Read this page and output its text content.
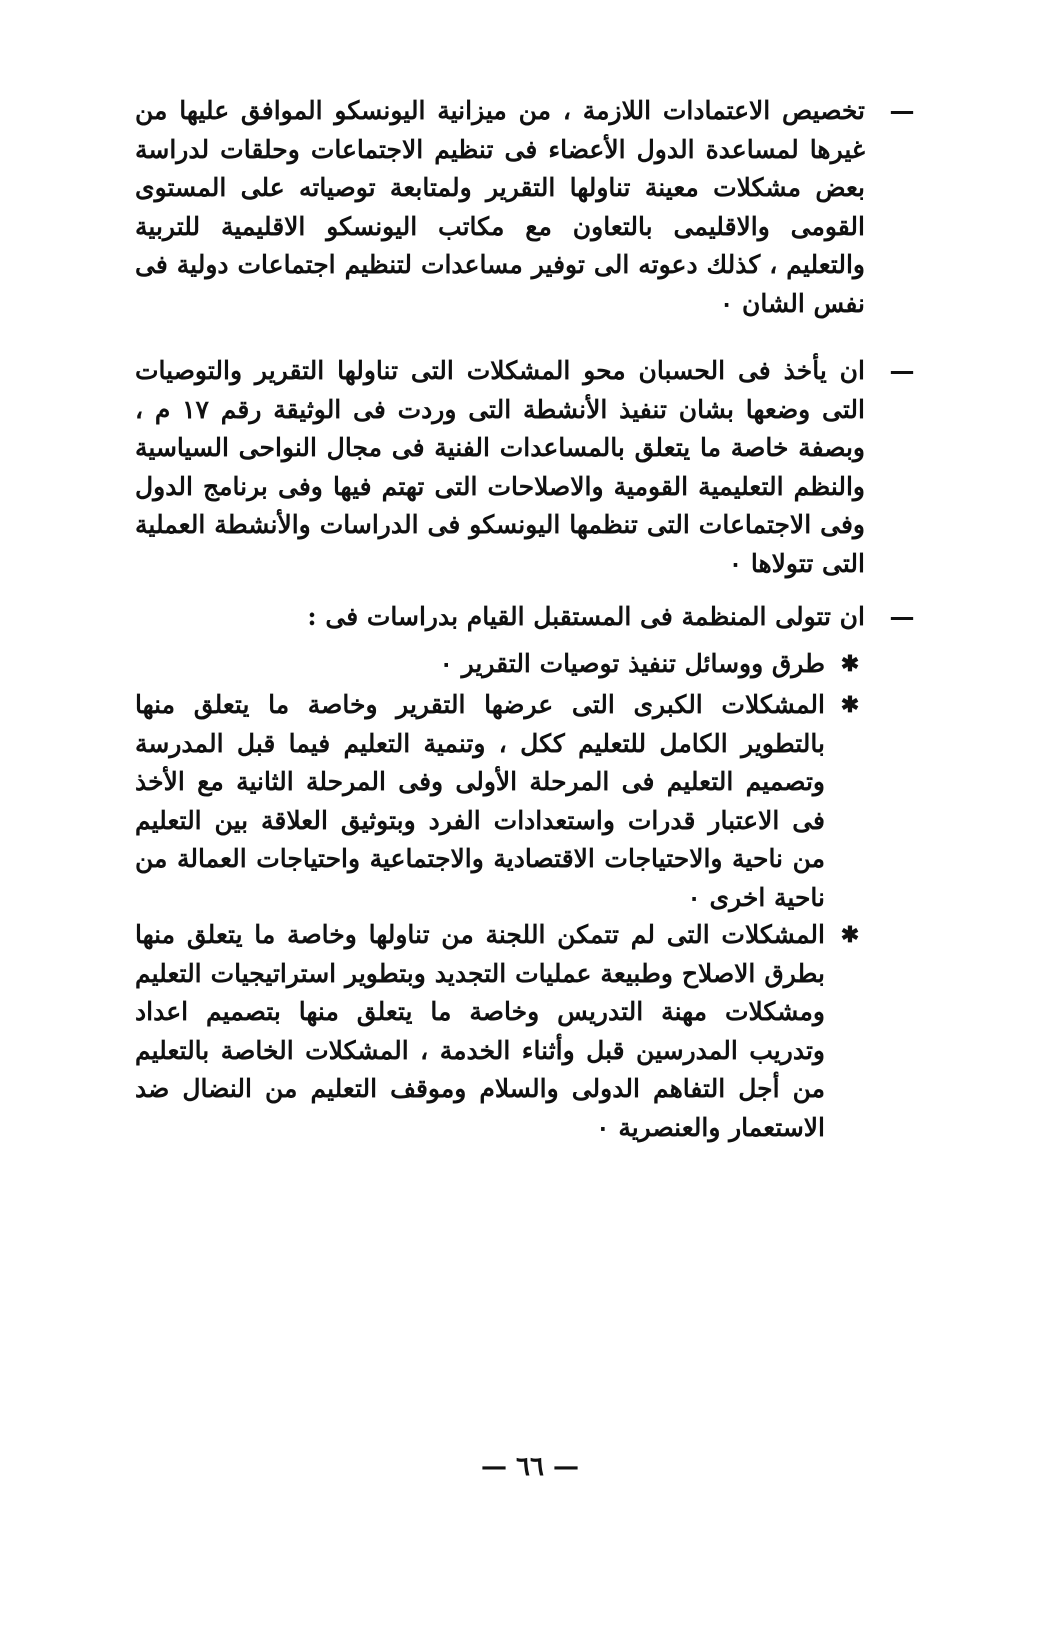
—
تخصيص الاعتمادات اللازمة ، من ميزانية اليونسكو الموافق عليها من غيرها لمساعدة الدول الأعضاء فى تنظيم الاجتماعات وحلقات لدراسة بعض مشكلات معينة تناولها التقرير ولمتابعة توصياته على المستوى القومى والاقليمى بالتعاون مع مكاتب اليونسكو الاقليمية للتربية والتعليم ، كذلك دعوته الى توفير مساعدات لتنظيم اجتماعات دولية فى نفس الشان ٠
—
ان يأخذ فى الحسبان محو المشكلات التى تناولها التقرير والتوصيات التى وضعها بشان تنفيذ الأنشطة التى وردت فى الوثيقة رقم ١٧ م ، وبصفة خاصة ما يتعلق بالمساعدات الفنية فى مجال النواحى السياسية والنظم التعليمية القومية والاصلاحات التى تهتم فيها وفى برنامج الدول وفى الاجتماعات التى تنظمها اليونسكو فى الدراسات والأنشطة العملية التى تتولاها ٠
—
ان تتولى المنظمة فى المستقبل القيام بدراسات فى :
✱
طرق ووسائل تنفيذ توصيات التقرير ٠
✱
المشكلات الكبرى التى عرضها التقرير وخاصة ما يتعلق منها بالتطوير الكامل للتعليم ككل ، وتنمية التعليم فيما قبل المدرسة وتصميم التعليم فى المرحلة الأولى وفى المرحلة الثانية مع الأخذ فى الاعتبار قدرات واستعدادات الفرد وبتوثيق العلاقة بين التعليم من ناحية والاحتياجات الاقتصادية والاجتماعية واحتياجات العمالة من ناحية اخرى ٠
✱
المشكلات التى لم تتمكن اللجنة من تناولها وخاصة ما يتعلق منها بطرق الاصلاح وطبيعة عمليات التجديد وبتطوير استراتيجيات التعليم ومشكلات مهنة التدريس وخاصة ما يتعلق منها بتصميم اعداد وتدريب المدرسين قبل وأثناء الخدمة ، المشكلات الخاصة بالتعليم من أجل التفاهم الدولى والسلام وموقف التعليم من النضال ضد الاستعمار والعنصرية ٠
— ٦٦ —
